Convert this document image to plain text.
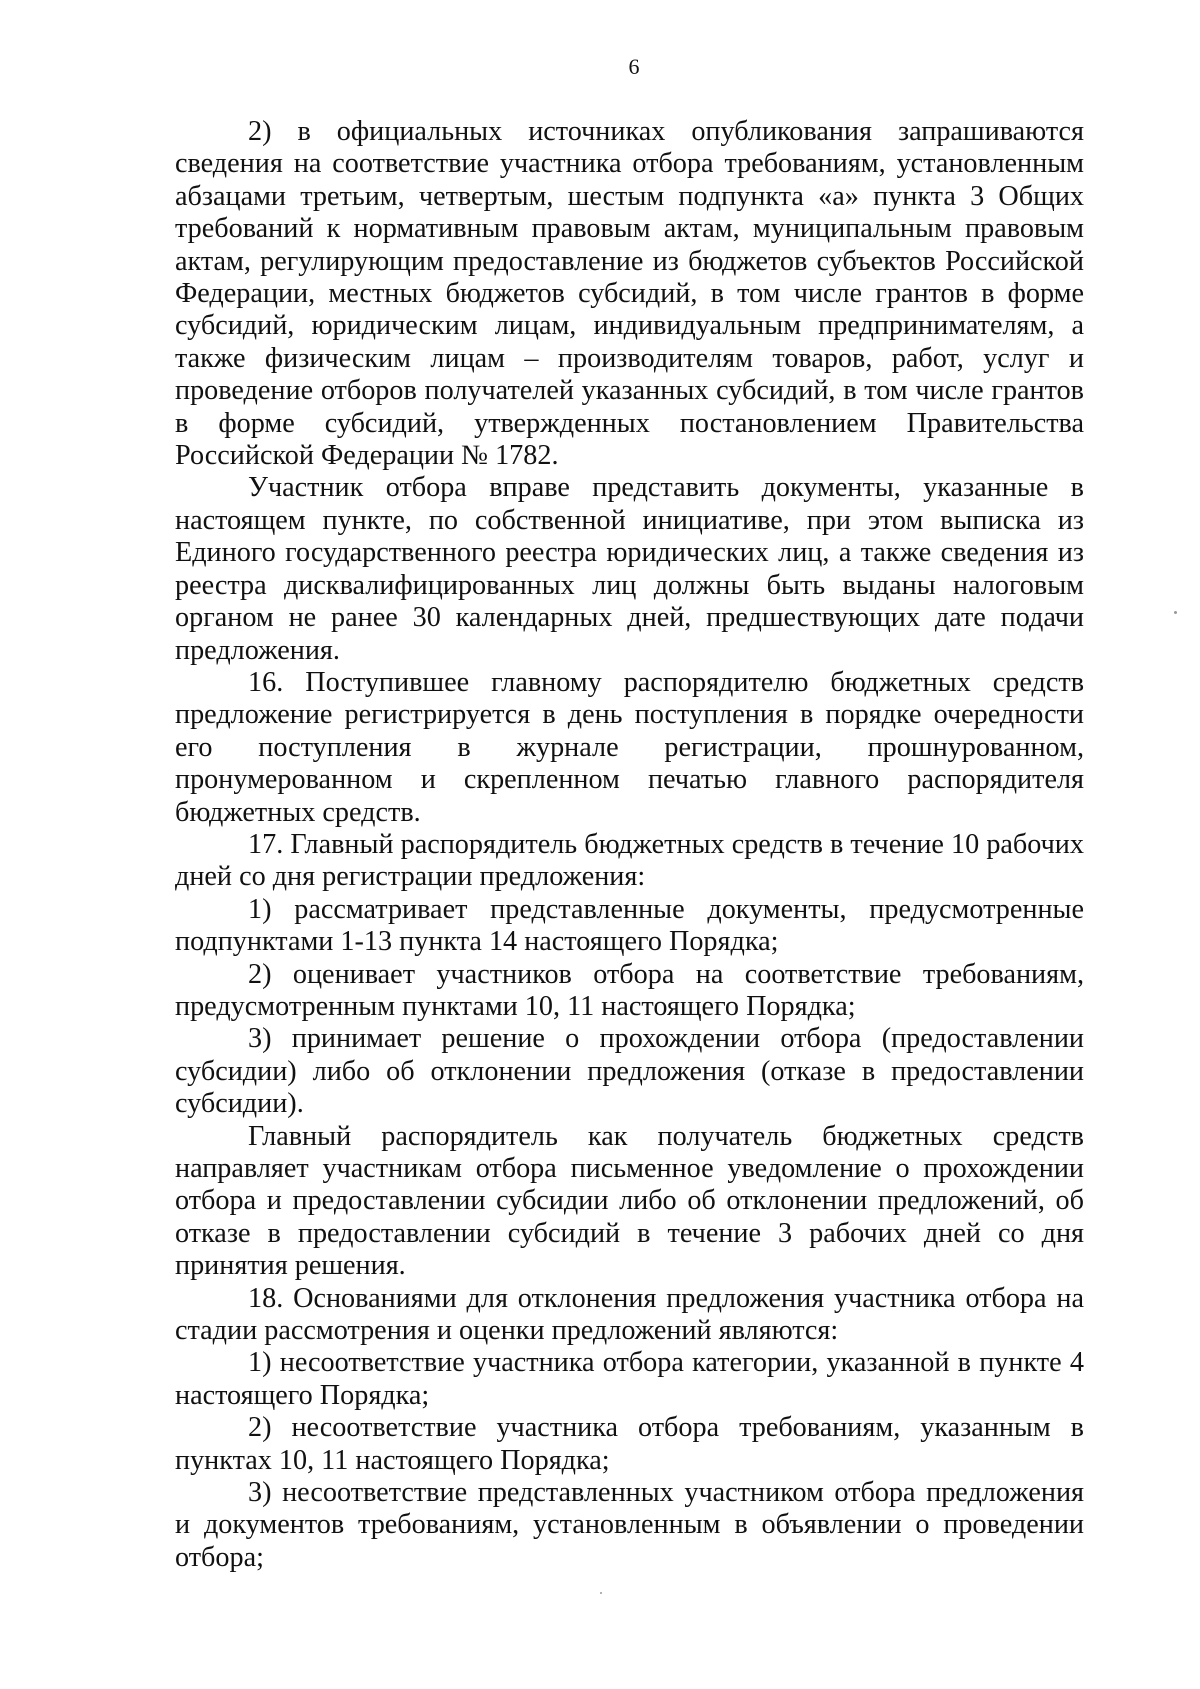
6

2) в официальных источниках опубликования запрашиваются сведения на соответствие участника отбора требованиям, установленным абзацами третьим, четвертым, шестым подпункта «а» пункта 3 Общих требований к нормативным правовым актам, муниципальным правовым актам, регулирующим предоставление из бюджетов субъектов Российской Федерации, местных бюджетов субсидий, в том числе грантов в форме субсидий, юридическим лицам, индивидуальным предпринимателям, а также физическим лицам – производителям товаров, работ, услуг и проведение отборов получателей указанных субсидий, в том числе грантов в форме субсидий, утвержденных постановлением Правительства Российской Федерации № 1782.

Участник отбора вправе представить документы, указанные в настоящем пункте, по собственной инициативе, при этом выписка из Единого государственного реестра юридических лиц, а также сведения из реестра дисквалифицированных лиц должны быть выданы налоговым органом не ранее 30 календарных дней, предшествующих дате подачи предложения.

16. Поступившее главному распорядителю бюджетных средств предложение регистрируется в день поступления в порядке очередности его поступления в журнале регистрации, прошнурованном, пронумерованном и скрепленном печатью главного распорядителя бюджетных средств.

17. Главный распорядитель бюджетных средств в течение 10 рабочих дней со дня регистрации предложения:

1) рассматривает представленные документы, предусмотренные подпунктами 1-13 пункта 14 настоящего Порядка;

2) оценивает участников отбора на соответствие требованиям, предусмотренным пунктами 10, 11 настоящего Порядка;

3) принимает решение о прохождении отбора (предоставлении субсидии) либо об отклонении предложения (отказе в предоставлении субсидии).

Главный распорядитель как получатель бюджетных средств направляет участникам отбора письменное уведомление о прохождении отбора и предоставлении субсидии либо об отклонении предложений, об отказе в предоставлении субсидий в течение 3 рабочих дней со дня принятия решения.

18. Основаниями для отклонения предложения участника отбора на стадии рассмотрения и оценки предложений являются:

1) несоответствие участника отбора категории, указанной в пункте 4 настоящего Порядка;

2) несоответствие участника отбора требованиям, указанным в пунктах 10, 11 настоящего Порядка;

3) несоответствие представленных участником отбора предложения и документов требованиям, установленным в объявлении о проведении отбора;
